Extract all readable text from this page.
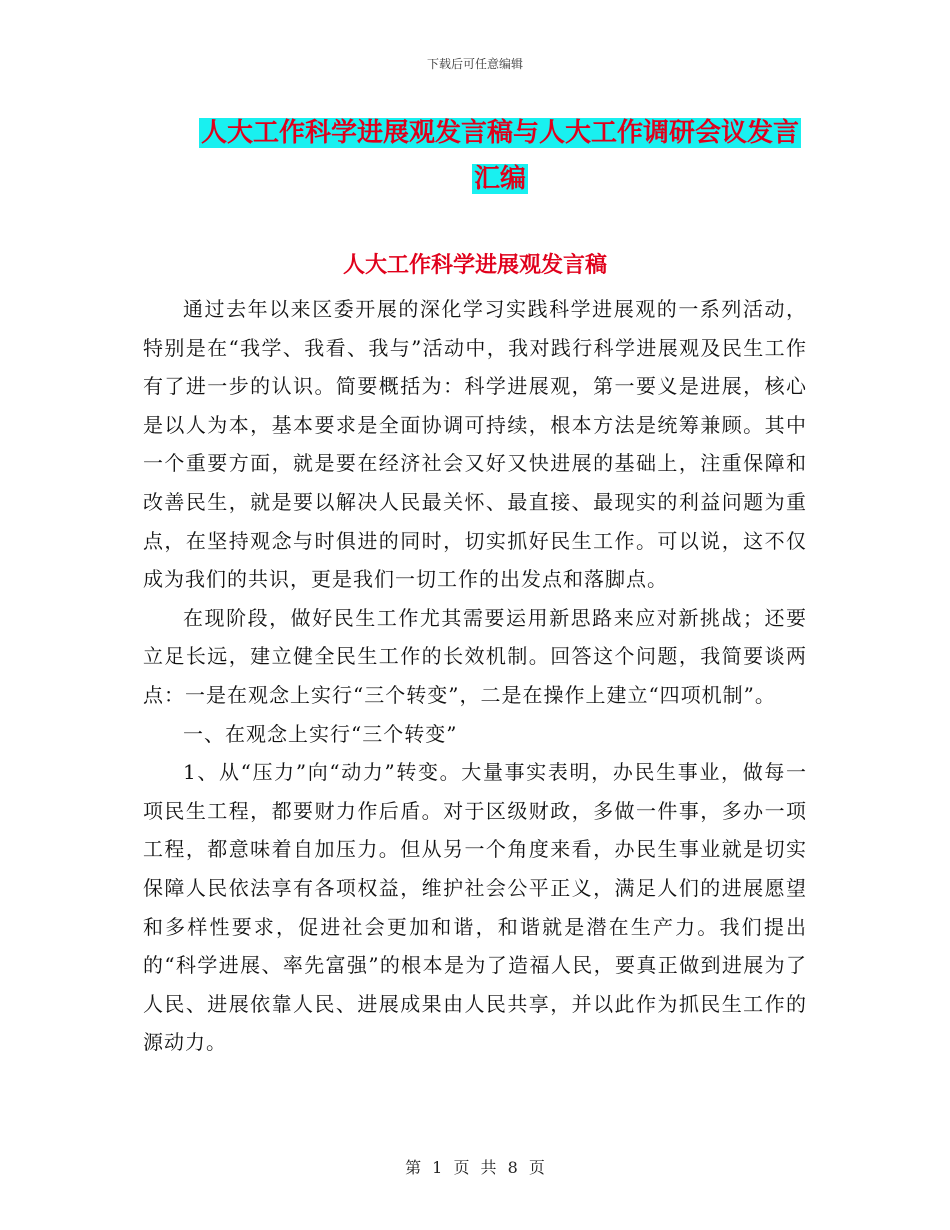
下载后可任意编辑
人大工作科学进展观发言稿与人大工作调研会议发言
汇编
人大工作科学进展观发言稿

通过去年以来区委开展的深化学习实践科学进展观的一系列活动，特别是在“我学、我看、我与”活动中，我对践行科学进展观及民生工作有了进一步的认识。简要概括为：科学进展观，第一要义是进展，核心是以人为本，基本要求是全面协调可持续，根本方法是统筹兼顾。其中一个重要方面，就是要在经济社会又好又快进展的基础上，注重保障和改善民生，就是要以解决人民最关怀、最直接、最现实的利益问题为重点，在坚持观念与时俱进的同时，切实抓好民生工作。可以说，这不仅成为我们的共识，更是我们一切工作的出发点和落脚点。

在现阶段，做好民生工作尤其需要运用新思路来应对新挑战；还要立足长远，建立健全民生工作的长效机制。回答这个问题，我简要谈两点：一是在观念上实行“三个转变”，二是在操作上建立“四项机制”。

一、在观念上实行“三个转变”

1、从“压力”向“动力”转变。大量事实表明，办民生事业，做每一项民生工程，都要财力作后盾。对于区级财政，多做一件事，多办一项工程，都意味着自加压力。但从另一个角度来看，办民生事业就是切实保障人民依法享有各项权益，维护社会公平正义，满足人们的进展愿望和多样性要求，促进社会更加和谐，和谐就是潜在生产力。我们提出的“科学进展、率先富强”的根本是为了造福人民，要真正做到进展为了人民、进展依靠人民、进展成果由人民共享，并以此作为抓民生工作的源动力。

第 1 页 共 8 页
